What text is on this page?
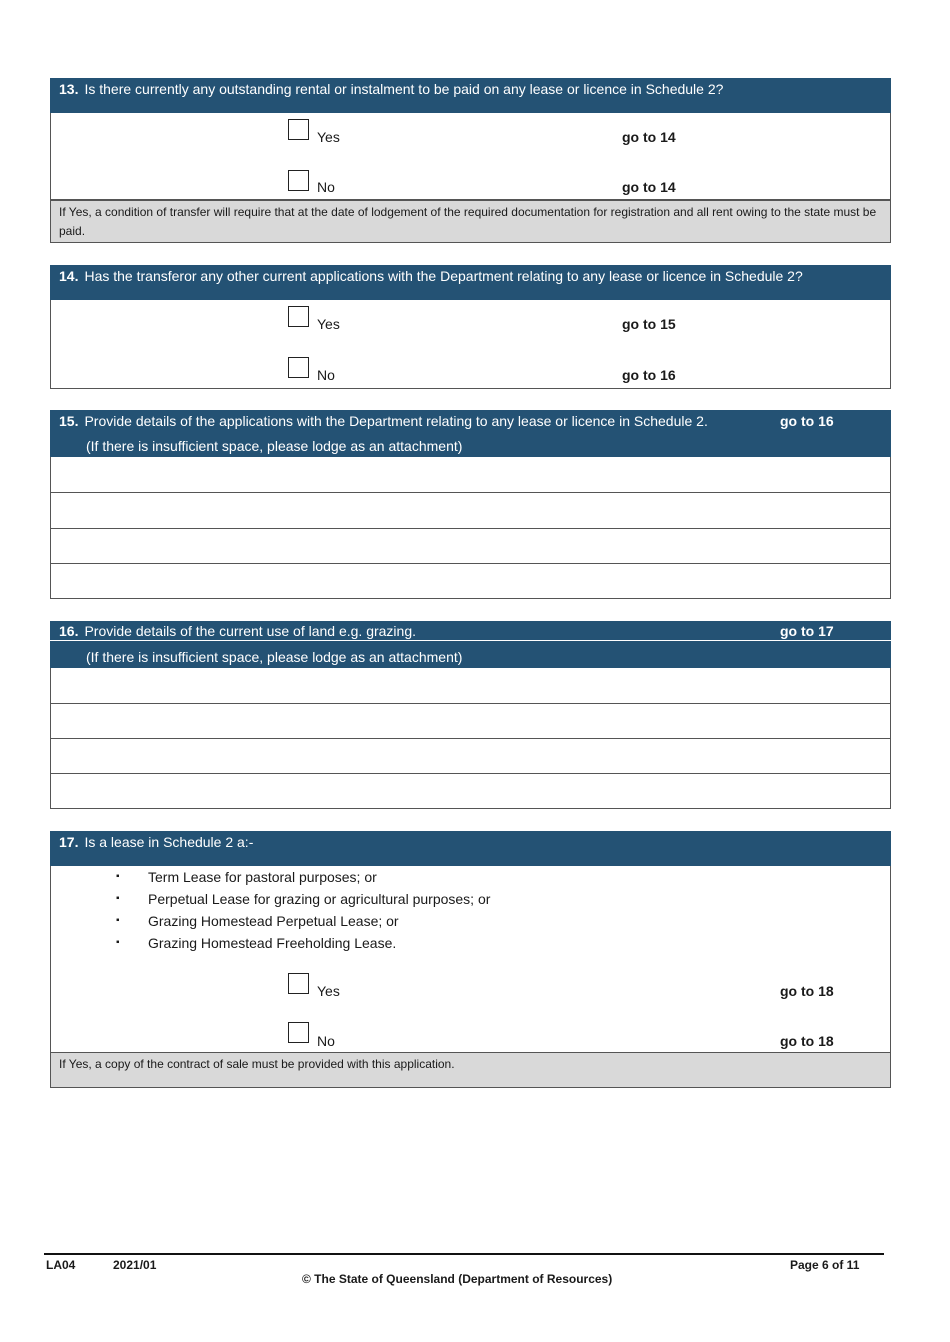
13. Is there currently any outstanding rental or instalment to be paid on any lease or licence in Schedule 2?
Yes	go to 14
No	go to 14
If Yes, a condition of transfer will require that at the date of lodgement of the required documentation for registration and all rent owing to the state must be paid.
14. Has the transferor any other current applications with the Department relating to any lease or licence in Schedule 2?
Yes	go to 15
No	go to 16
15. Provide details of the applications with the Department relating to any lease or licence in Schedule 2.	go to 16
(If there is insufficient space, please lodge as an attachment)
16. Provide details of the current use of land e.g. grazing.	go to 17
(If there is insufficient space, please lodge as an attachment)
17. Is a lease in Schedule 2 a:-
▪ Term Lease for pastoral purposes; or
▪ Perpetual Lease for grazing or agricultural purposes; or
▪ Grazing Homestead Perpetual Lease; or
▪ Grazing Homestead Freeholding Lease.
Yes	go to 18
No	go to 18
If Yes, a copy of the contract of sale must be provided with this application.
LA04	2021/01	Page 6 of 11
© The State of Queensland (Department of Resources)
